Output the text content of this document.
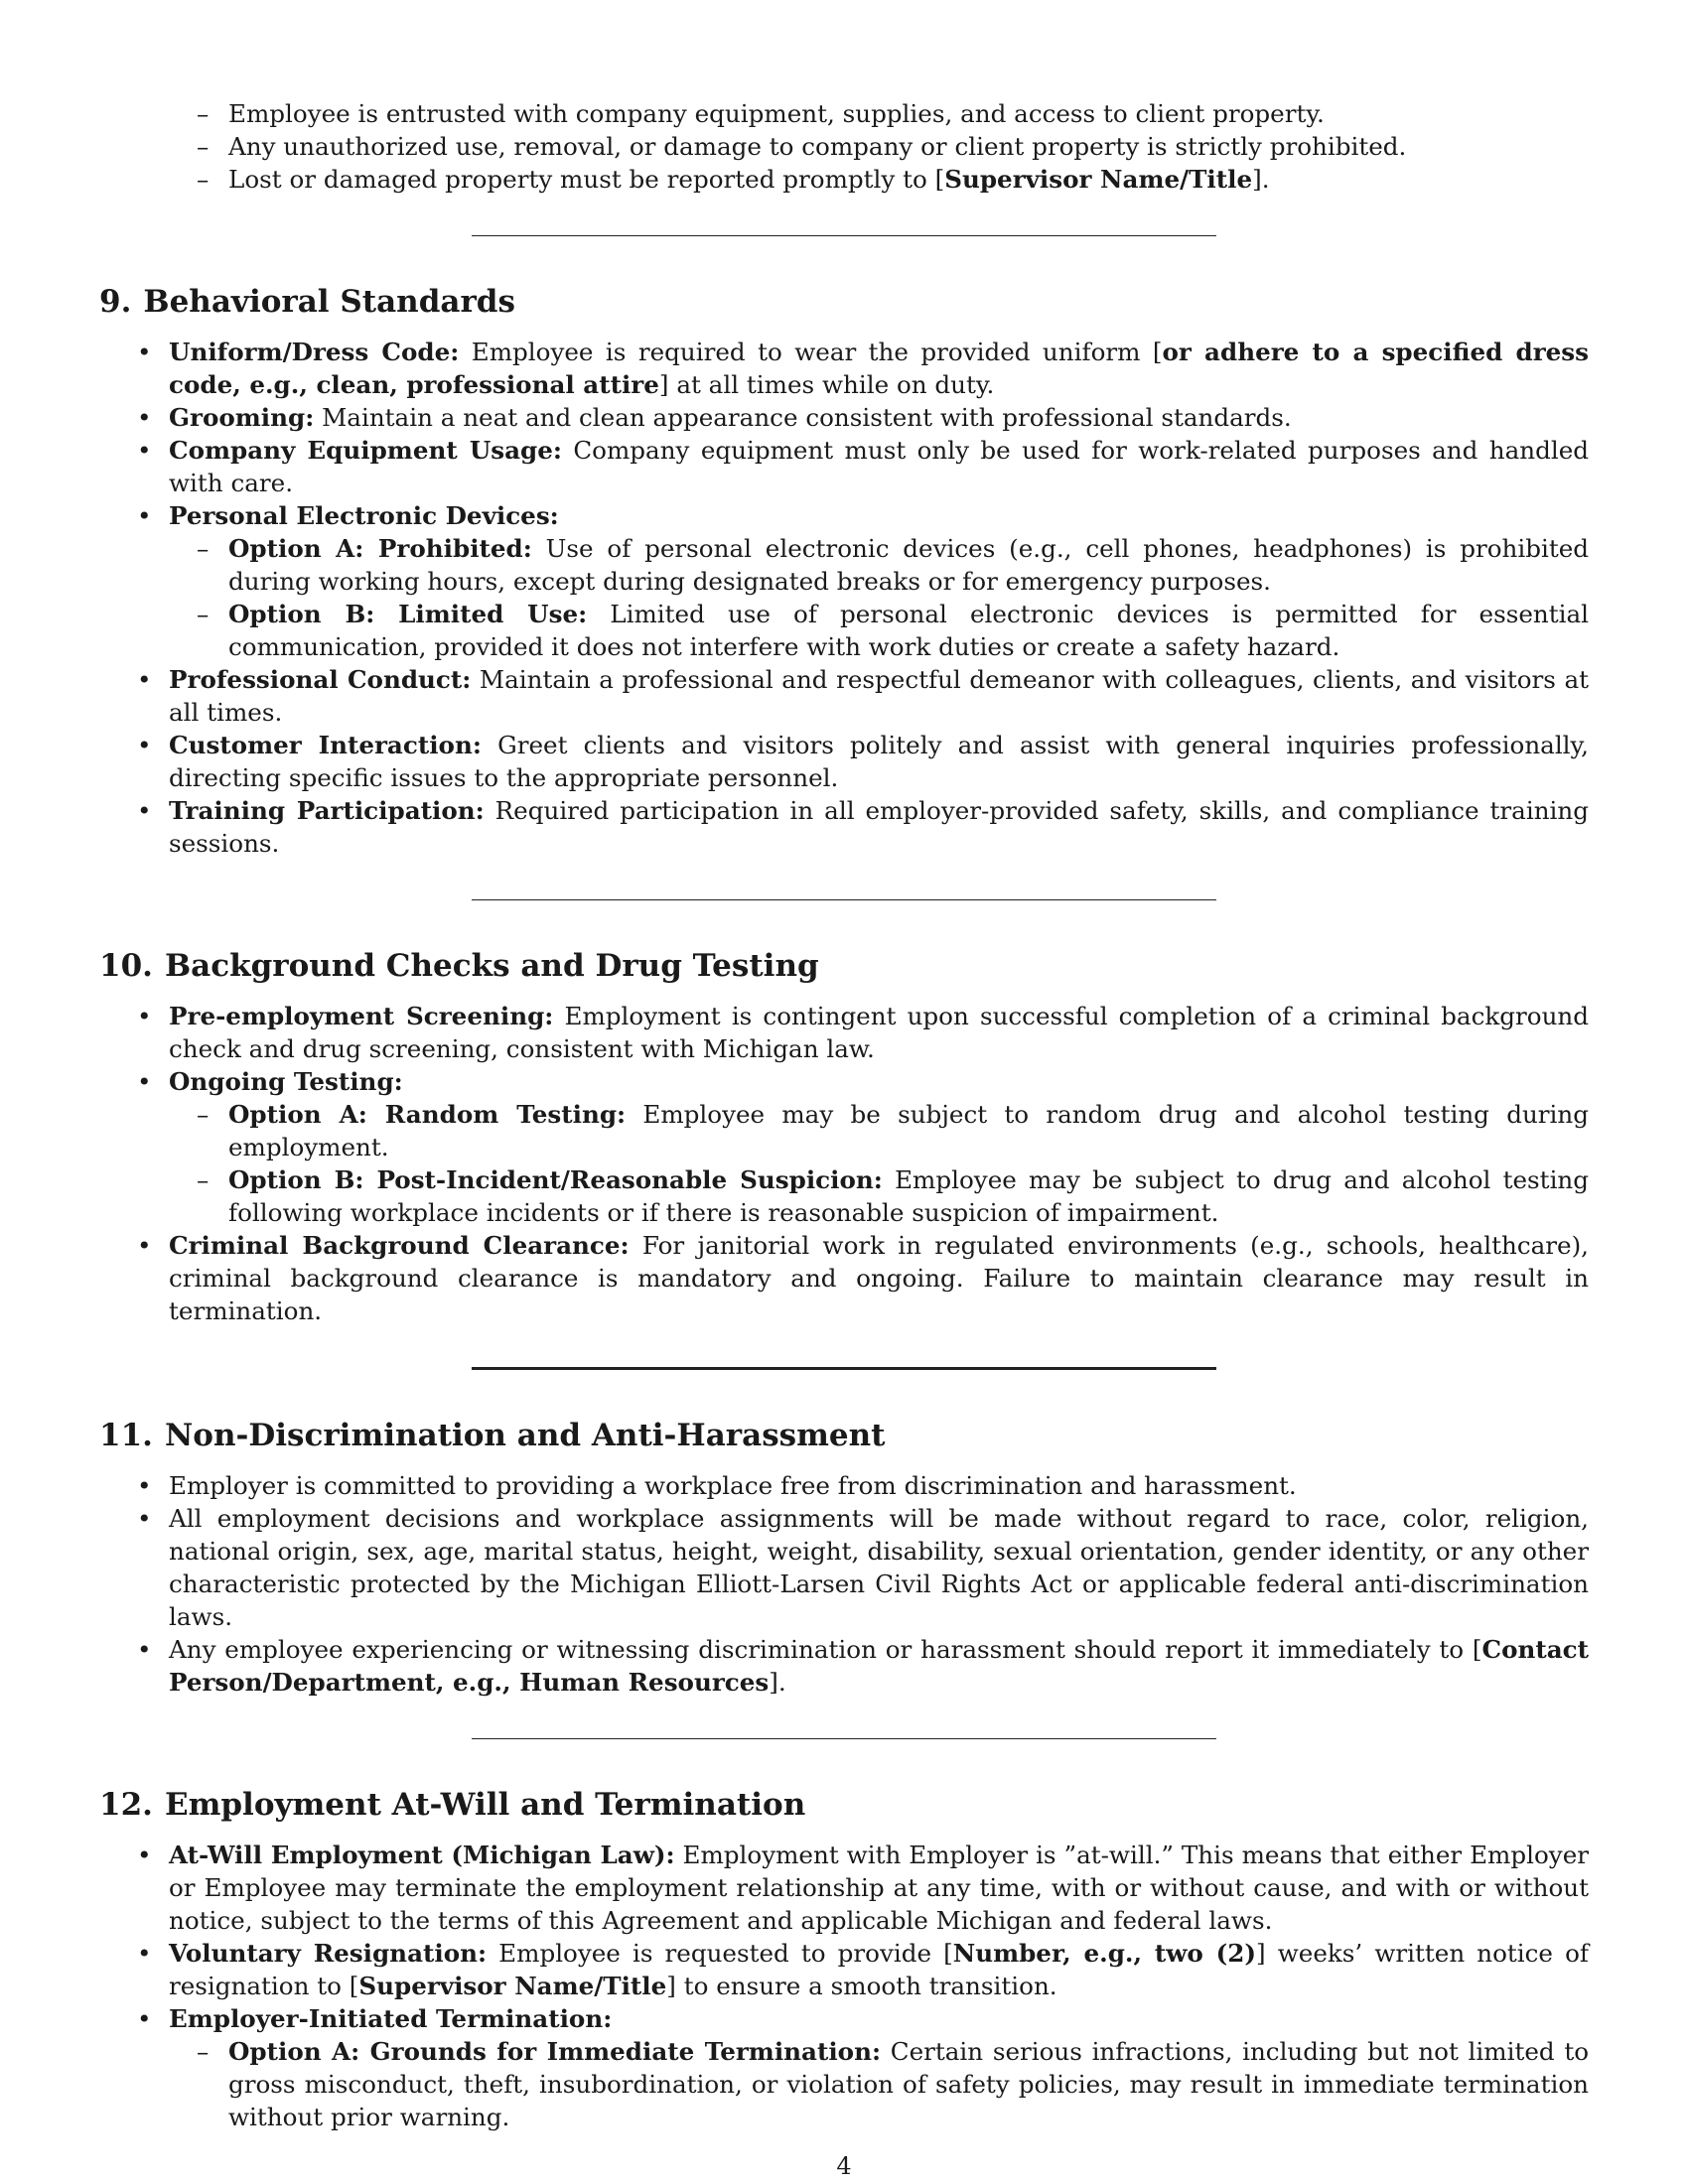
– Employee is entrusted with company equipment, supplies, and access to client property.
– Any unauthorized use, removal, or damage to company or client property is strictly prohibited.
– Lost or damaged property must be reported promptly to [Supervisor Name/Title].
9. Behavioral Standards
• Uniform/Dress Code: Employee is required to wear the provided uniform [or adhere to a specified dress code, e.g., clean, professional attire] at all times while on duty.
• Grooming: Maintain a neat and clean appearance consistent with professional standards.
• Company Equipment Usage: Company equipment must only be used for work-related purposes and handled with care.
• Personal Electronic Devices:
– Option A: Prohibited: Use of personal electronic devices (e.g., cell phones, headphones) is prohibited during working hours, except during designated breaks or for emergency purposes.
– Option B: Limited Use: Limited use of personal electronic devices is permitted for essential communication, provided it does not interfere with work duties or create a safety hazard.
• Professional Conduct: Maintain a professional and respectful demeanor with colleagues, clients, and visitors at all times.
• Customer Interaction: Greet clients and visitors politely and assist with general inquiries professionally, directing specific issues to the appropriate personnel.
• Training Participation: Required participation in all employer-provided safety, skills, and compliance training sessions.
10. Background Checks and Drug Testing
• Pre-employment Screening: Employment is contingent upon successful completion of a criminal background check and drug screening, consistent with Michigan law.
• Ongoing Testing:
– Option A: Random Testing: Employee may be subject to random drug and alcohol testing during employment.
– Option B: Post-Incident/Reasonable Suspicion: Employee may be subject to drug and alcohol testing following workplace incidents or if there is reasonable suspicion of impairment.
• Criminal Background Clearance: For janitorial work in regulated environments (e.g., schools, healthcare), criminal background clearance is mandatory and ongoing. Failure to maintain clearance may result in termination.
11. Non-Discrimination and Anti-Harassment
• Employer is committed to providing a workplace free from discrimination and harassment.
• All employment decisions and workplace assignments will be made without regard to race, color, religion, national origin, sex, age, marital status, height, weight, disability, sexual orientation, gender identity, or any other characteristic protected by the Michigan Elliott-Larsen Civil Rights Act or applicable federal anti-discrimination laws.
• Any employee experiencing or witnessing discrimination or harassment should report it immediately to [Contact Person/Department, e.g., Human Resources].
12. Employment At-Will and Termination
• At-Will Employment (Michigan Law): Employment with Employer is ”at-will.” This means that either Employer or Employee may terminate the employment relationship at any time, with or without cause, and with or without notice, subject to the terms of this Agreement and applicable Michigan and federal laws.
• Voluntary Resignation: Employee is requested to provide [Number, e.g., two (2)] weeks’ written notice of resignation to [Supervisor Name/Title] to ensure a smooth transition.
• Employer-Initiated Termination:
– Option A: Grounds for Immediate Termination: Certain serious infractions, including but not limited to gross misconduct, theft, insubordination, or violation of safety policies, may result in immediate termination without prior warning.
4
